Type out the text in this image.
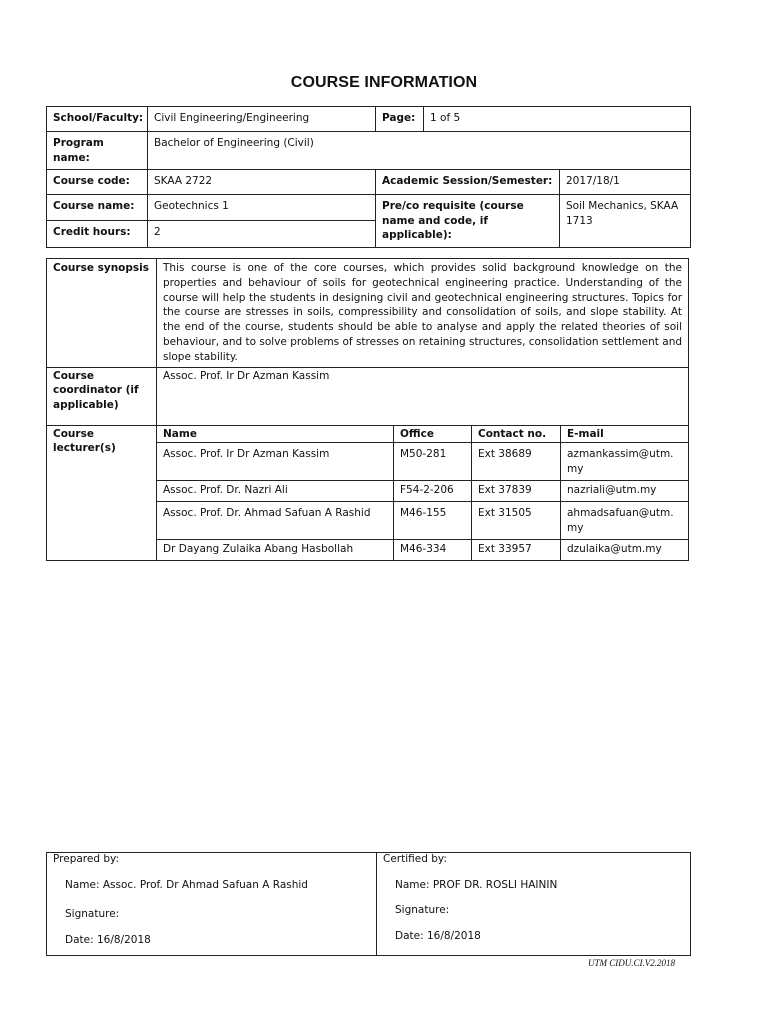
COURSE INFORMATION
School/Faculty:	Civil Engineering/Engineering	Page:	1 of 5	
Program name:	Bachelor of Engineering (Civil)			
Course code:	SKAA 2722	Academic Session/Semester:		2017/18/1
Course name:	Geotechnics 1	Pre/co requisite (course name and code, if applicable):		Soil Mechanics, SKAA 1713
Credit hours:	2			
Course synopsis	This course is one of the core courses, which provides solid background knowledge on the properties and behaviour of soils for geotechnical engineering practice. Understanding of the course will help the students in designing civil and geotechnical engineering structures. Topics for the course are stresses in soils, compressibility and consolidation of soils, and slope stability. At the end of the course, students should be able to analyse and apply the related theories of soil behaviour, and to solve problems of stresses on retaining structures, consolidation settlement and slope stability.			
Course coordinator (if applicable)	Assoc. Prof. Ir Dr Azman Kassim			
Course lecturer(s)	Name	Office	Contact no.	E-mail
	Assoc. Prof. Ir Dr Azman Kassim	M50-281	Ext 38689	azmankassim@utm.my
	Assoc. Prof. Dr. Nazri Ali	F54-2-206	Ext 37839	nazriali@utm.my
	Assoc. Prof. Dr. Ahmad Safuan A Rashid	M46-155	Ext 31505	ahmadsafuan@utm.my
	Dr Dayang Zulaika Abang Hasbollah	M46-334	Ext 33957	dzulaika@utm.my
Prepared by:
Name: Assoc. Prof. Dr Ahmad Safuan A Rashid
Signature:
Date: 16/8/2018
Certified by:
Name: PROF DR. ROSLI HAININ
Signature:
Date: 16/8/2018
UTM CIDU.CI.V2.2018
